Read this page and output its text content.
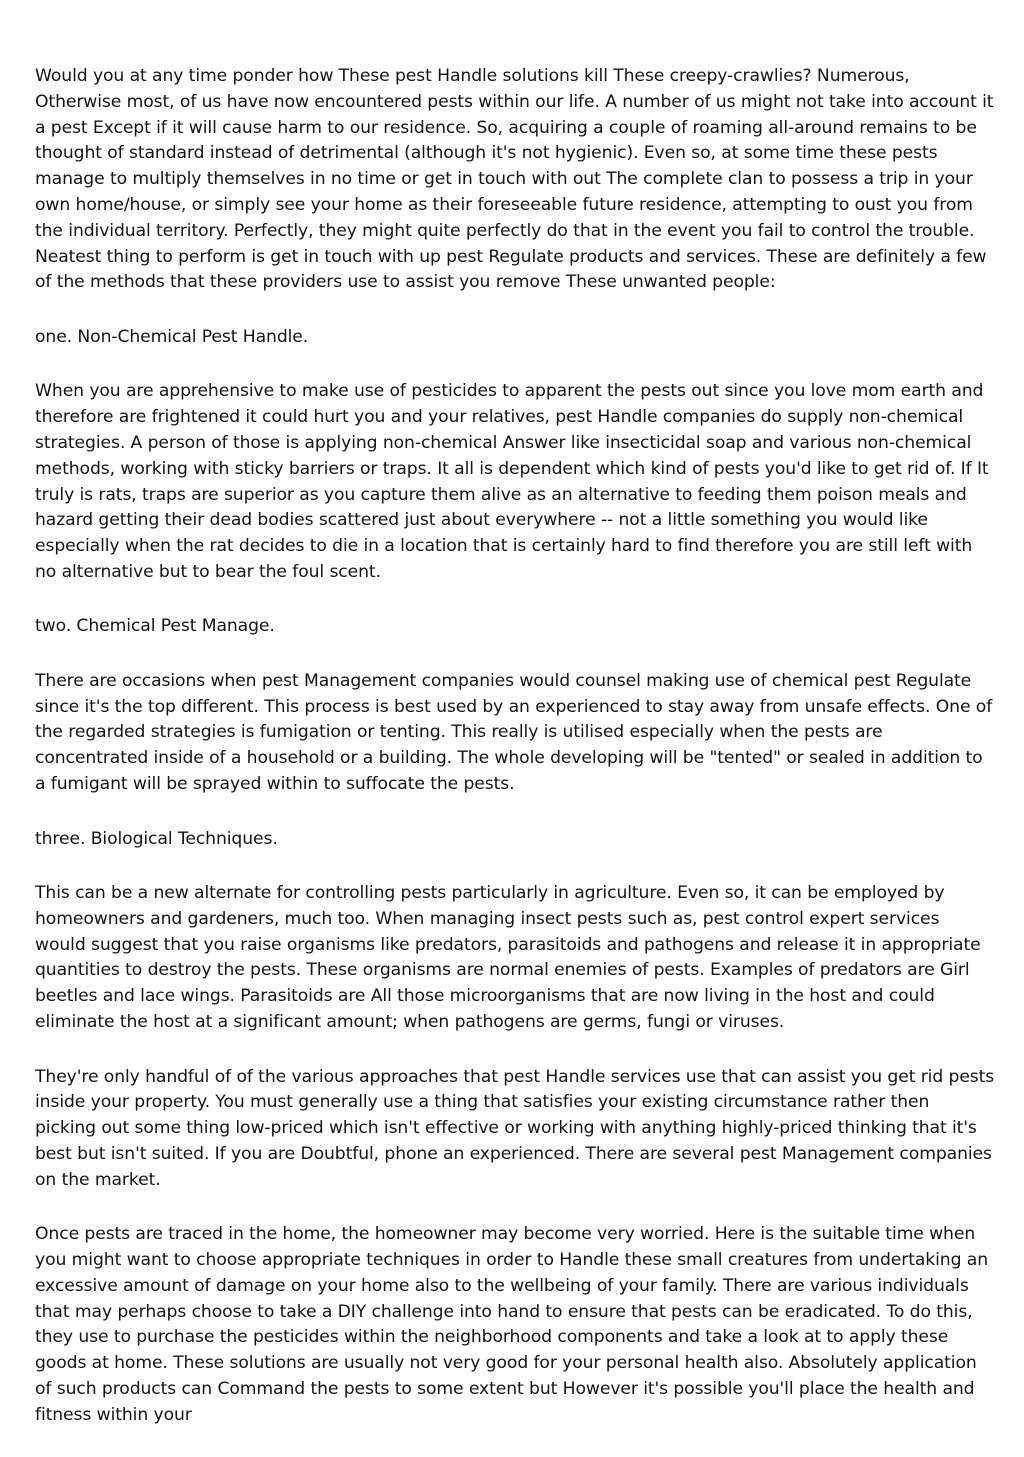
Would you at any time ponder how These pest Handle solutions kill These creepy-crawlies? Numerous, Otherwise most, of us have now encountered pests within our life. A number of us might not take into account it a pest Except if it will cause harm to our residence. So, acquiring a couple of roaming all-around remains to be thought of standard instead of detrimental (although it's not hygienic). Even so, at some time these pests manage to multiply themselves in no time or get in touch with out The complete clan to possess a trip in your own home/house, or simply see your home as their foreseeable future residence, attempting to oust you from the individual territory. Perfectly, they might quite perfectly do that in the event you fail to control the trouble. Neatest thing to perform is get in touch with up pest Regulate products and services. These are definitely a few of the methods that these providers use to assist you remove These unwanted people:

one. Non-Chemical Pest Handle.

When you are apprehensive to make use of pesticides to apparent the pests out since you love mom earth and therefore are frightened it could hurt you and your relatives, pest Handle companies do supply non-chemical strategies. A person of those is applying non-chemical Answer like insecticidal soap and various non-chemical methods, working with sticky barriers or traps. It all is dependent which kind of pests you'd like to get rid of. If It truly is rats, traps are superior as you capture them alive as an alternative to feeding them poison meals and hazard getting their dead bodies scattered just about everywhere -- not a little something you would like especially when the rat decides to die in a location that is certainly hard to find therefore you are still left with no alternative but to bear the foul scent.

two. Chemical Pest Manage.

There are occasions when pest Management companies would counsel making use of chemical pest Regulate since it's the top different. This process is best used by an experienced to stay away from unsafe effects. One of the regarded strategies is fumigation or tenting. This really is utilised especially when the pests are concentrated inside of a household or a building. The whole developing will be "tented" or sealed in addition to a fumigant will be sprayed within to suffocate the pests.

three. Biological Techniques.

This can be a new alternate for controlling pests particularly in agriculture. Even so, it can be employed by homeowners and gardeners, much too. When managing insect pests such as, pest control expert services would suggest that you raise organisms like predators, parasitoids and pathogens and release it in appropriate quantities to destroy the pests. These organisms are normal enemies of pests. Examples of predators are Girl beetles and lace wings. Parasitoids are All those microorganisms that are now living in the host and could eliminate the host at a significant amount; when pathogens are germs, fungi or viruses.

They're only handful of of the various approaches that pest Handle services use that can assist you get rid pests inside your property. You must generally use a thing that satisfies your existing circumstance rather then picking out some thing low-priced which isn't effective or working with anything highly-priced thinking that it's best but isn't suited. If you are Doubtful, phone an experienced. There are several pest Management companies on the market.

Once pests are traced in the home, the homeowner may become very worried. Here is the suitable time when you might want to choose appropriate techniques in order to Handle these small creatures from undertaking an excessive amount of damage on your home also to the wellbeing of your family. There are various individuals that may perhaps choose to take a DIY challenge into hand to ensure that pests can be eradicated. To do this, they use to purchase the pesticides within the neighborhood components and take a look at to apply these goods at home. These solutions are usually not very good for your personal health also. Absolutely application of such products can Command the pests to some extent but However it's possible you'll place the health and fitness within your
